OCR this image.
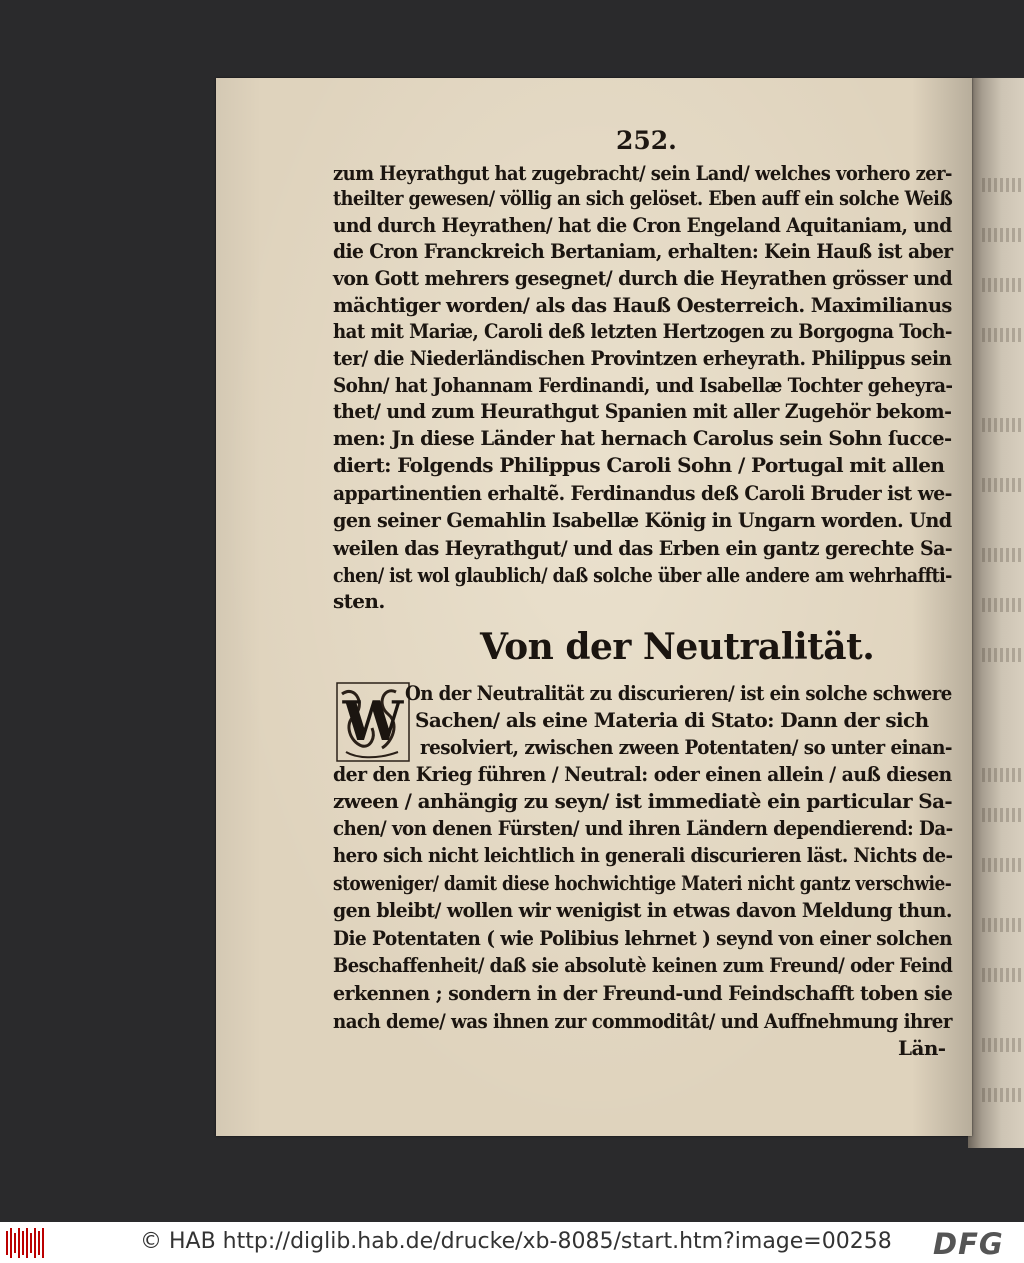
252.
zum Heyrathgut hat zugebracht/ sein Land/ welches vorhero zer-
theilter gewesen/ völlig an sich gelöset. Eben auff ein solche Weiß
und durch Heyrathen/ hat die Cron Engeland Aquitaniam, und
die Cron Franckreich Bertaniam, erhalten: Kein Hauß ist aber
von Gott mehrers gesegnet/ durch die Heyrathen grösser und
mächtiger worden/ als das Hauß Oesterreich. Maximilianus
hat mit Mariæ, Caroli deß letzten Hertzogen zu Borgogna Toch-
ter/ die Niederländischen Provintzen erheyrath. Philippus sein
Sohn/ hat Johannam Ferdinandi, und Isabellæ Tochter geheyra-
thet/ und zum Heurathgut Spanien mit aller Zugehör bekom-
men: Jn diese Länder hat hernach Carolus sein Sohn ſucce-
diert: Folgends Philippus Caroli Sohn / Portugal mit allen
appartinentien erhaltẽ. Ferdinandus deß Caroli Bruder ist we-
gen seiner Gemahlin Isabellæ König in Ungarn worden. Und
weilen das Heyrathgut/ und das Erben ein gantz gerechte Sa-
chen/ ist wol glaublich/ daß solche über alle andere am wehrhaffti-
sten.
Von der Neutralität.
W On der Neutralität zu discurieren/ ist ein solche schwere
Sachen/ als eine Materia di Stato: Dann der sich
resolviert, zwischen zween Potentaten/ so unter einan-
der den Krieg führen / Neutral: oder einen allein / auß diesen
zween / anhängig zu seyn/ ist immediatè ein particular Sa-
chen/ von denen Fürsten/ und ihren Ländern dependierend: Da-
hero sich nicht leichtlich in generali discurieren läst. Nichts de-
stoweniger/ damit diese hochwichtige Materi nicht gantz verschwie-
gen bleibt/ wollen wir wenigist in etwas davon Meldung thun.
Die Potentaten ( wie Polibius lehrnet ) seynd von einer solchen
Beschaffenheit/ daß sie absolutè keinen zum Freund/ oder Feind
erkennen ; sondern in der Freund-und Feindschafft toben sie
nach deme/ was ihnen zur commoditât/ und Auffnehmung ihrer
Län-
© HAB http://diglib.hab.de/drucke/xb-8085/start.htm?image=00258 DFG
